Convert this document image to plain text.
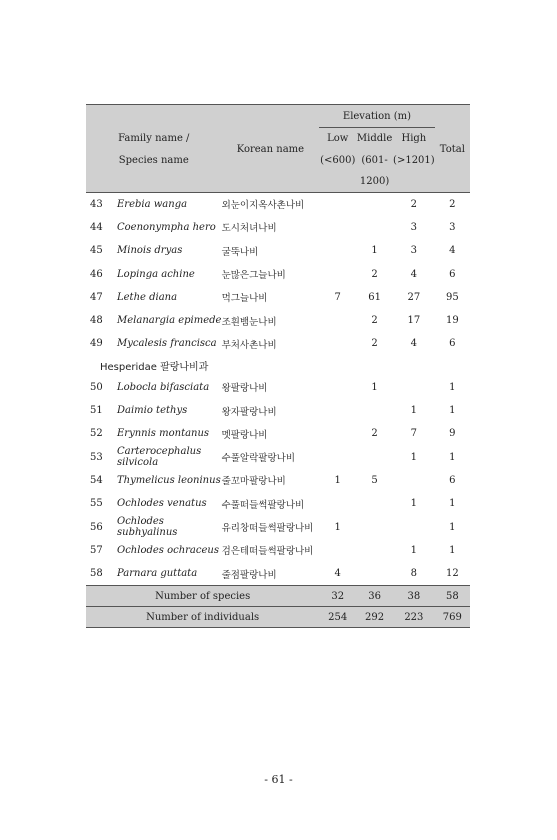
			Elevation (m)			
Family name /		Korean name	Low	Middle	High	Total
Species name			(<600)	(601-	(>1201)	
				1200)		
43	Erebia wanga	외눈이지옥사촌나비			2	2
44	Coenonympha hero	도시처녀나비			3	3
45	Minois dryas	굴뚝나비		1	3	4
46	Lopinga achine	눈많은그늘나비		2	4	6
47	Lethe diana	먹그늘나비	7	61	27	95
48	Melanargia epimede	조흰뱀눈나비		2	17	19
49	Mycalesis francisca	부처사촌나비		2	4	6
Hesperidae 팔랑나비과						
50	Lobocla bifasciata	왕팔랑나비		1		1
51	Daimio tethys	왕자팔랑나비			1	1
52	Erynnis montanus	멧팔랑나비		2	7	9
53	Carterocephalus silvicola	수풀알락팔랑나비			1	1
54	Thymelicus leoninus	줄꼬마팔랑나비	1	5		6
55	Ochlodes venatus	수풀떠들썩팔랑나비			1	1
56	Ochlodes subhyalinus	유리창떠들썩팔랑나비	1			1
57	Ochlodes ochraceus	검은테떠들썩팔랑나비			1	1
58	Parnara guttata	줄점팔랑나비	4		8	12
Number of species			32	36	38	58
Number of individuals			254	292	223	769
- 61 -
